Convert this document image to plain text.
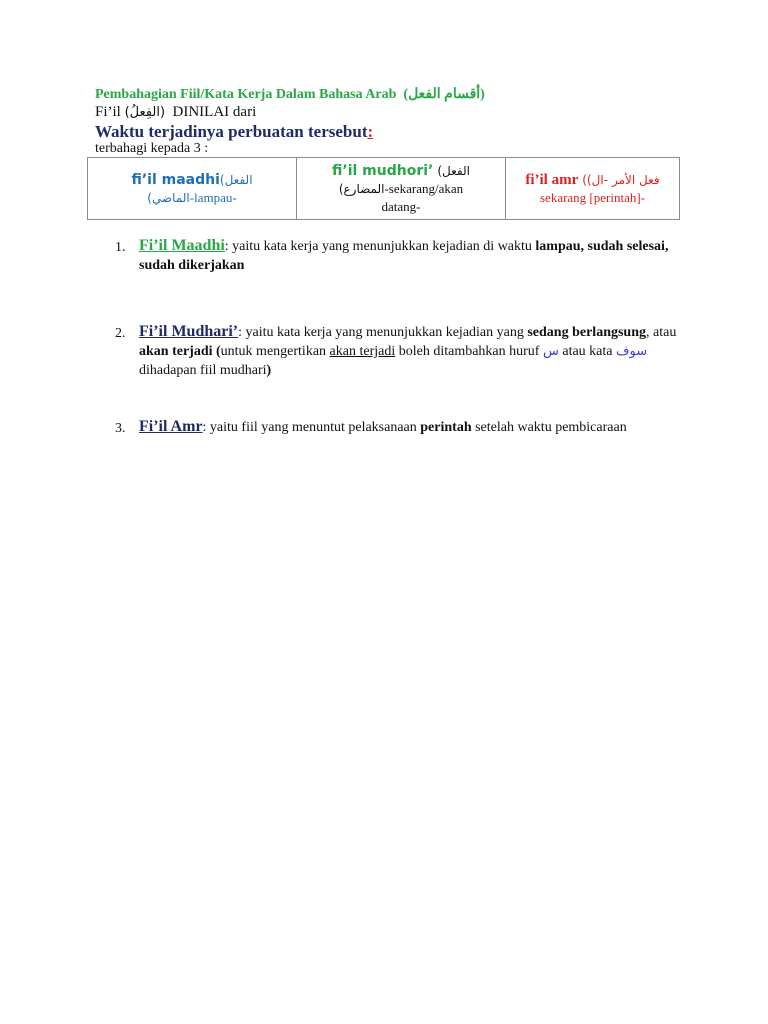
Pembahagian Fiil/Kata Kerja Dalam Bahasa Arab (أقسام الفعل)
Fi’il (الفِعلُ) DINILAI dari
Waktu terjadinya perbuatan tersebut:
terbahagi kepada 3 :
fi’il maadhi(الفعل
(الماضي-lampau-

fi’il mudhori’ (الفعل
(المضارع-sekarang/akan
datang-

fi’il amr ((فعل الأمر -ال
sekarang [perintah]-
1. Fi’il Maadhi: yaitu kata kerja yang menunjukkan kejadian di waktu lampau, sudah selesai, sudah dikerjakan
2. Fi’il Mudhari’: yaitu kata kerja yang menunjukkan kejadian yang sedang berlangsung, atau akan terjadi (untuk mengertikan akan terjadi boleh ditambahkan huruf س atau kata سوف dihadapan fiil mudhari)
3. Fi’il Amr: yaitu fiil yang menuntut pelaksanaan perintah setelah waktu pembicaraan
